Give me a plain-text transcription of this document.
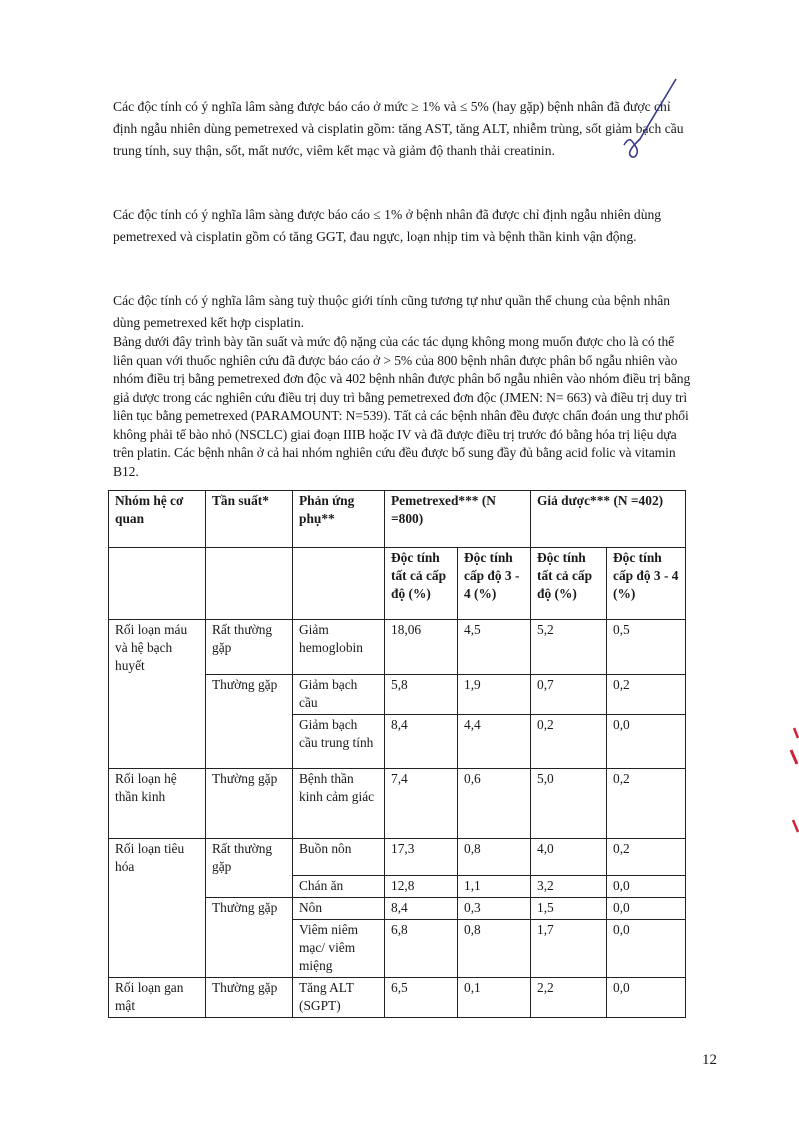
Các độc tính có ý nghĩa lâm sàng được báo cáo ở mức ≥ 1% và ≤ 5% (hay gặp) bệnh nhân đã được chỉ định ngẫu nhiên dùng pemetrexed và cisplatin gồm: tăng AST, tăng ALT, nhiễm trùng, sốt giảm bạch cầu trung tính, suy thận, sốt, mất nước, viêm kết mạc và giảm độ thanh thải creatinin.

Các độc tính có ý nghĩa lâm sàng được báo cáo ≤ 1% ở bệnh nhân đã được chỉ định ngẫu nhiên dùng pemetrexed và cisplatin gồm có tăng GGT, đau ngực, loạn nhịp tim và bệnh thần kinh vận động.

Các độc tính có ý nghĩa lâm sàng tuỳ thuộc giới tính cũng tương tự như quần thể chung của bệnh nhân dùng pemetrexed kết hợp cisplatin.

Bảng dưới đây trình bày tần suất và mức độ nặng của các tác dụng không mong muốn được cho là có thể liên quan với thuốc nghiên cứu đã được báo cáo ở > 5% của 800 bệnh nhân được phân bổ ngẫu nhiên vào nhóm điều trị bằng pemetrexed đơn độc và 402 bệnh nhân được phân bổ ngẫu nhiên vào nhóm điều trị bằng giả dược trong các nghiên cứu điều trị duy trì bằng pemetrexed đơn độc (JMEN: N= 663) và điều trị duy trì liên tục bằng pemetrexed (PARAMOUNT: N=539). Tất cả các bệnh nhân đều được chẩn đoán ung thư phổi không phải tế bào nhỏ (NSCLC) giai đoạn IIIB hoặc IV và đã được điều trị trước đó bằng hóa trị liệu dựa trên platin. Các bệnh nhân ở cả hai nhóm nghiên cứu đều được bổ sung đầy đủ bằng acid folic và vitamin B12.

Nhóm hệ cơ quan	Tần suất*	Phản ứng phụ**	Pemetrexed*** (N =800)		Giả dược*** (N =402)	
			Độc tính tất cả cấp độ (%)	Độc tính cấp độ 3 - 4 (%)	Độc tính tất cả cấp độ (%)	Độc tính cấp độ 3 - 4 (%)
Rối loạn máu và hệ bạch huyết	Rất thường gặp	Giảm hemoglobin	18,06	4,5	5,2	0,5
	Thường gặp	Giảm bạch cầu	5,8	1,9	0,7	0,2
		Giảm bạch cầu trung tính	8,4	4,4	0,2	0,0
Rối loạn hệ thần kinh	Thường gặp	Bệnh thần kinh cảm giác	7,4	0,6	5,0	0,2
Rối loạn tiêu hóa	Rất thường gặp	Buồn nôn	17,3	0,8	4,0	0,2
		Chán ăn	12,8	1,1	3,2	0,0
	Thường gặp	Nôn	8,4	0,3	1,5	0,0
		Viêm niêm mạc/ viêm miệng	6,8	0,8	1,7	0,0
Rối loạn gan mật	Thường gặp	Tăng ALT (SGPT)	6,5	0,1	2,2	0,0
12
